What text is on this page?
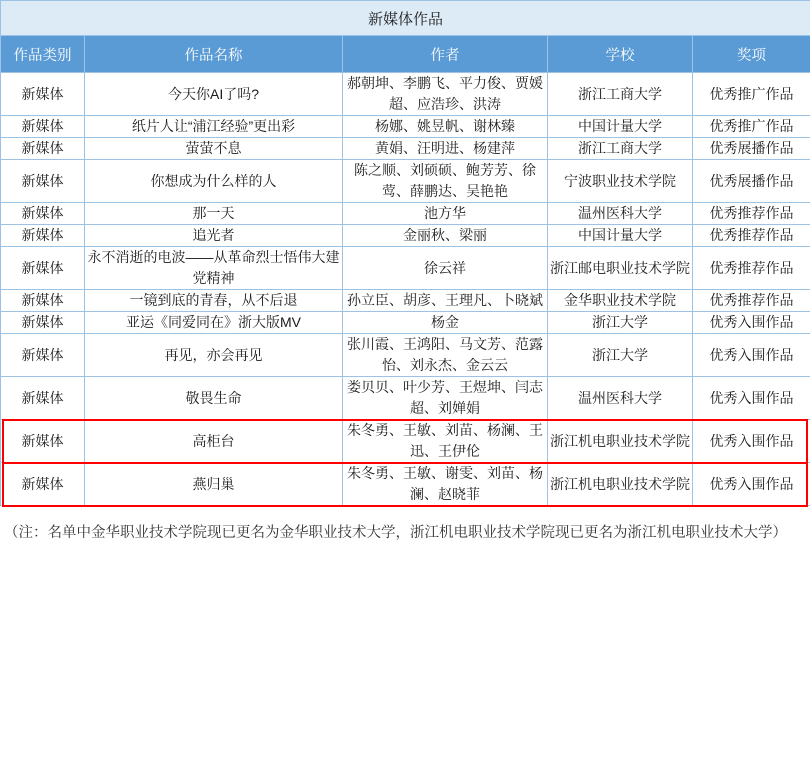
新媒体作品				
作品类别	作品名称	作者	学校	奖项
新媒体	今天你AI了吗?	郝朝坤、李鹏飞、平力俊、贾媛超、应浩珍、洪涛	浙江工商大学	优秀推广作品
新媒体	纸片人让“浦江经验”更出彩	杨娜、姚昱帆、谢林臻	中国计量大学	优秀推广作品
新媒体	萤萤不息	黄娟、汪明进、杨建萍	浙江工商大学	优秀展播作品
新媒体	你想成为什么样的人	陈之顺、刘硕硕、鲍芳芳、徐莺、薛鹏达、吴艳艳	宁波职业技术学院	优秀展播作品
新媒体	那一天	池方华	温州医科大学	优秀推荐作品
新媒体	追光者	金丽秋、梁丽	中国计量大学	优秀推荐作品
新媒体	永不消逝的电波——从革命烈士悟伟大建党精神	徐云祥	浙江邮电职业技术学院	优秀推荐作品
新媒体	一镜到底的青春，从不后退	孙立臣、胡彦、王理凡、卜晓斌	金华职业技术学院	优秀推荐作品
新媒体	亚运《同爱同在》浙大版MV	杨金	浙江大学	优秀入围作品
新媒体	再见，亦会再见	张川霞、王鸿阳、马文芳、范露怡、刘永杰、金云云	浙江大学	优秀入围作品
新媒体	敬畏生命	娄贝贝、叶少芳、王煜坤、闫志超、刘婵娟	温州医科大学	优秀入围作品
新媒体	高柜台	朱冬勇、王敏、刘苗、杨澜、王迅、王伊伦	浙江机电职业技术学院	优秀入围作品
新媒体	燕归巢	朱冬勇、王敏、谢雯、刘苗、杨澜、赵晓菲	浙江机电职业技术学院	优秀入围作品
（注：名单中金华职业技术学院现已更名为金华职业技术大学，浙江机电职业技术学院现已更名为浙江机电职业技术大学）
